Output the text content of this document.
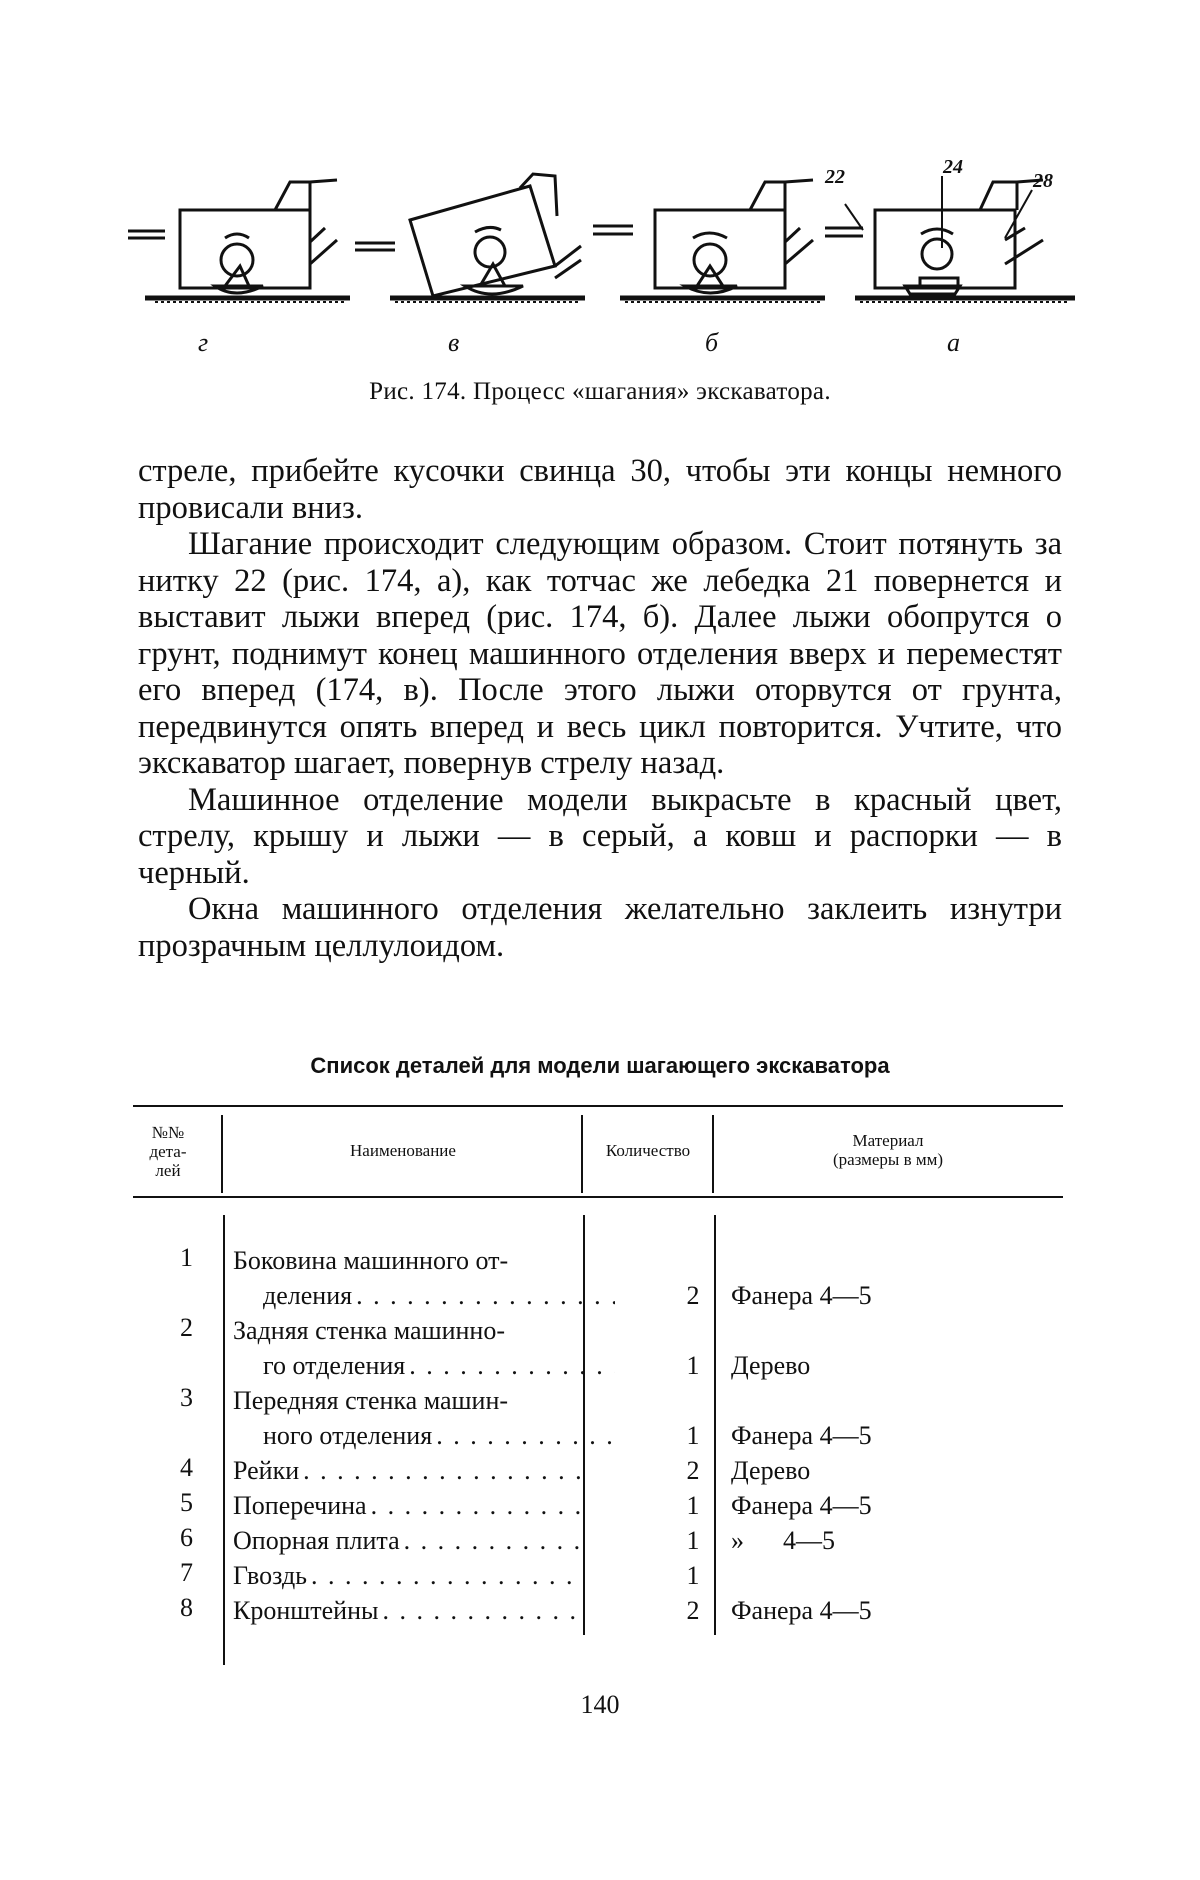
22	24
28
г	в	б	а
Рис. 174. Процесс «шагания» экскаватора.

стреле, прибейте кусочки свинца 30, чтобы эти концы немного провисали вниз.

Шагание происходит следующим образом. Стоит потянуть за нитку 22 (рис. 174, а), как тотчас же лебедка 21 повернется и выставит лыжи вперед (рис. 174, б). Далее лыжи обопрутся о грунт, поднимут конец машинного отделения вверх и переместят его вперед (174, в). После этого лыжи оторвутся от грунта, передвинутся опять вперед и весь цикл повторится. Учтите, что экскаватор шагает, повернув стрелу назад.

Машинное отделение модели выкрасьте в красный цвет, стрелу, крышу и лыжи — в серый, а ковш и распорки — в черный.

Окна машинного отделения желательно заклеить изнутри прозрачным целлулоидом.

Список деталей для модели шагающего экскаватора
№№
дета-
лей
Наименование	Количество
Материал
(размеры в мм)
1 Боковина машинного от-
деления
. . .	2	Фанера 4—5
2 Задняя стенка машинно-
го отделения
. . .	1	Дерево
3 Передняя стенка машин-
ного отделения
. . .	1	Фанера 4—5
4 Рейки
. . .	2	Дерево
5 Поперечина
. . .	1	Фанера 4—5
6 Опорная плита
. . .	1	»      4—5
7 Гвоздь
. . .	1
8 Кронштейны
. . .	2	Фанера 4—5
140
